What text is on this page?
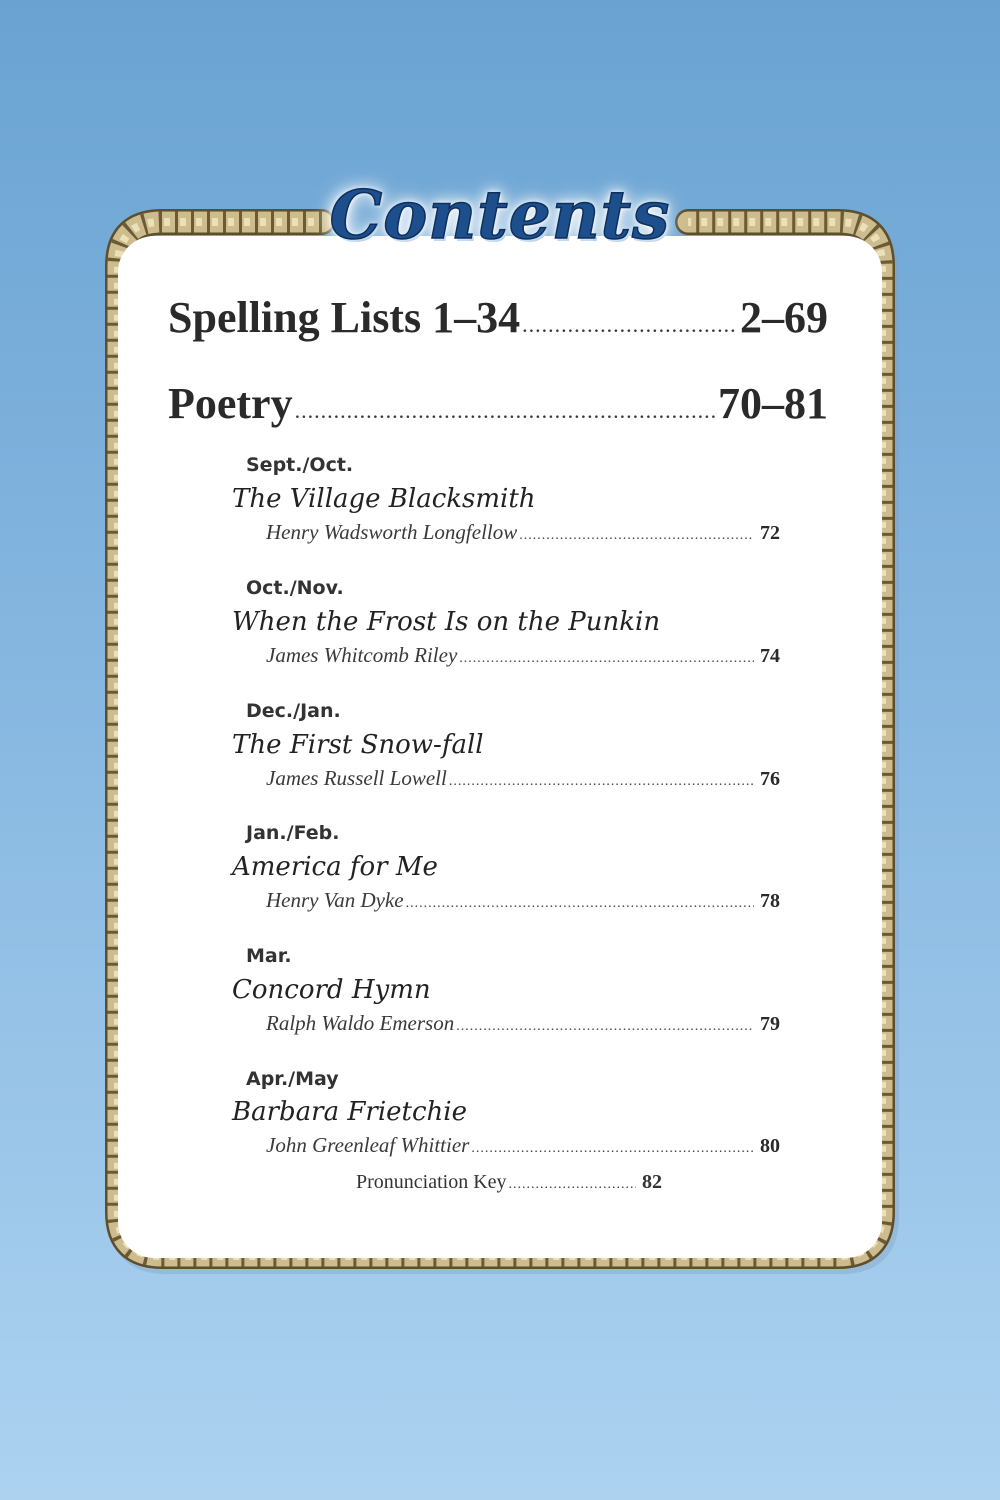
Contents
Spelling Lists 1–34 .....	2–69
Poetry .....	70–81
Sept./Oct.
The Village Blacksmith
Henry Wadsworth Longfellow .....	72
Oct./Nov.
When the Frost Is on the Punkin
James Whitcomb Riley .....	74
Dec./Jan.
The First Snow-fall
James Russell Lowell .....	76
Jan./Feb.
America for Me
Henry Van Dyke .....	78
Mar.
Concord Hymn
Ralph Waldo Emerson .....	79
Apr./May
Barbara Frietchie
John Greenleaf Whittier .....	80
Pronunciation Key .....	82
